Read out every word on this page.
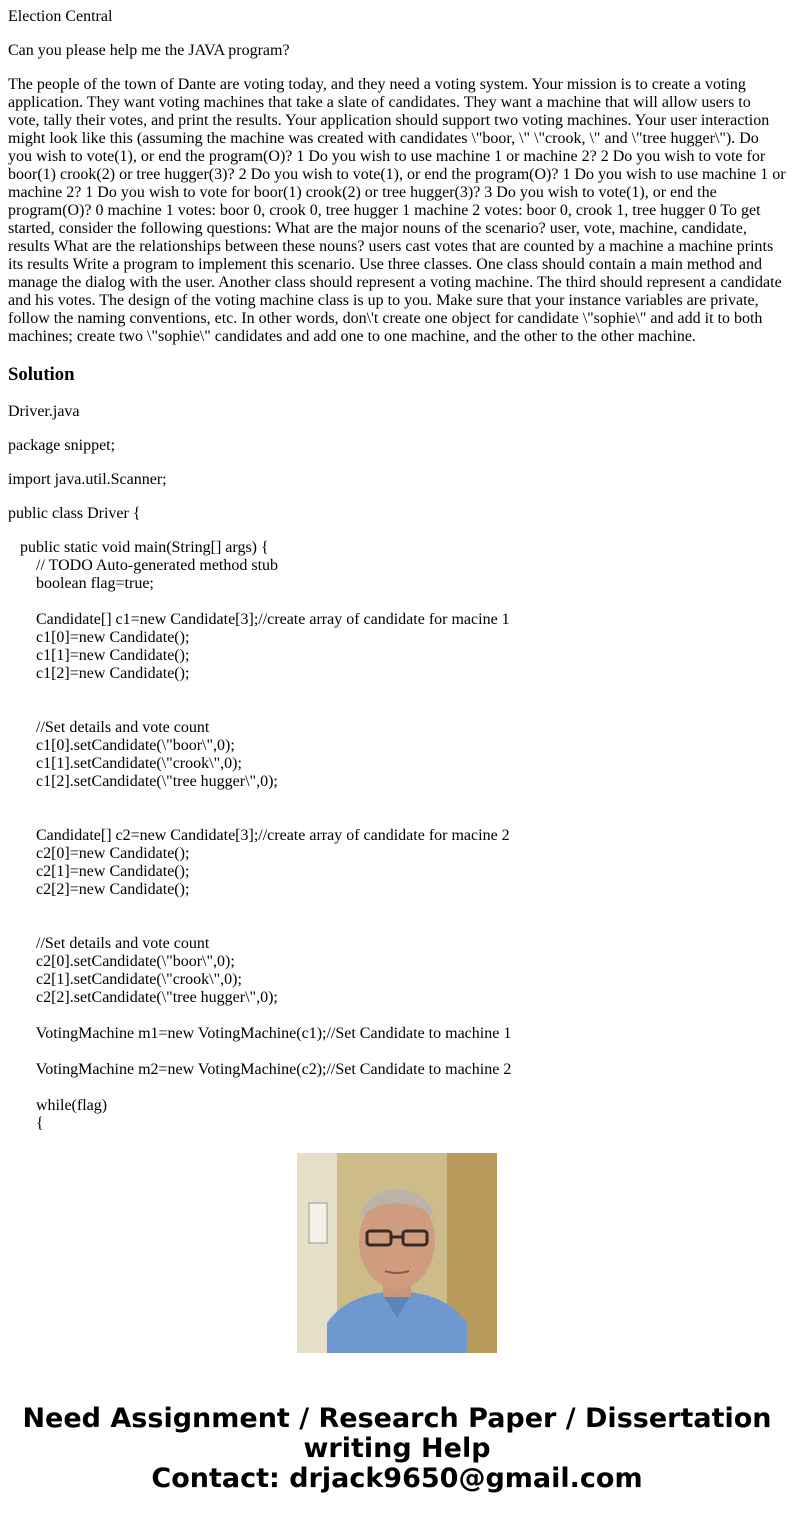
Election Central

Can you please help me the JAVA program?

The people of the town of Dante are voting today, and they need a voting system. Your mission is to create a voting application. They want voting machines that take a slate of candidates. They want a machine that will allow users to vote, tally their votes, and print the results. Your application should support two voting machines. Your user interaction might look like this (assuming the machine was created with candidates \"boor, \" \"crook, \" and \"tree hugger\"). Do you wish to vote(1), or end the program(O)? 1 Do you wish to use machine 1 or machine 2? 2 Do you wish to vote for boor(1) crook(2) or tree hugger(3)? 2 Do you wish to vote(1), or end the program(O)? 1 Do you wish to use machine 1 or machine 2? 1 Do you wish to vote for boor(1) crook(2) or tree hugger(3)? 3 Do you wish to vote(1), or end the program(O)? 0 machine 1 votes: boor 0, crook 0, tree hugger 1 machine 2 votes: boor 0, crook 1, tree hugger 0 To get started, consider the following questions: What are the major nouns of the scenario? user, vote, machine, candidate, results What are the relationships between these nouns? users cast votes that are counted by a machine a machine prints its results Write a program to implement this scenario. Use three classes. One class should contain a main method and manage the dialog with the user. Another class should represent a voting machine. The third should represent a candidate and his votes. The design of the voting machine class is up to you. Make sure that your instance variables are private, follow the naming conventions, etc. In other words, don\'t create one object for candidate \"sophie\" and add it to both machines; create two \"sophie\" candidates and add one to one machine, and the other to the other machine.

Solution

Driver.java

package snippet;

import java.util.Scanner;

public class Driver {

public static void main(String[] args) {
// TODO Auto-generated method stub
boolean flag=true;
Candidate[] c1=new Candidate[3];//create array of candidate for macine 1
c1[0]=new Candidate();
c1[1]=new Candidate();
c1[2]=new Candidate();
//Set details and vote count
c1[0].setCandidate(\"boor\",0);
c1[1].setCandidate(\"crook\",0);
c1[2].setCandidate(\"tree hugger\",0);
Candidate[] c2=new Candidate[3];//create array of candidate for macine 2
c2[0]=new Candidate();
c2[1]=new Candidate();
c2[2]=new Candidate();
//Set details and vote count
c2[0].setCandidate(\"boor\",0);
c2[1].setCandidate(\"crook\",0);
c2[2].setCandidate(\"tree hugger\",0);
VotingMachine m1=new VotingMachine(c1);//Set Candidate to machine 1
VotingMachine m2=new VotingMachine(c2);//Set Candidate to machine 2
while(flag)
{
Need Assignment / Research Paper / Dissertation
writing Help
Contact: drjack9650@gmail.com
